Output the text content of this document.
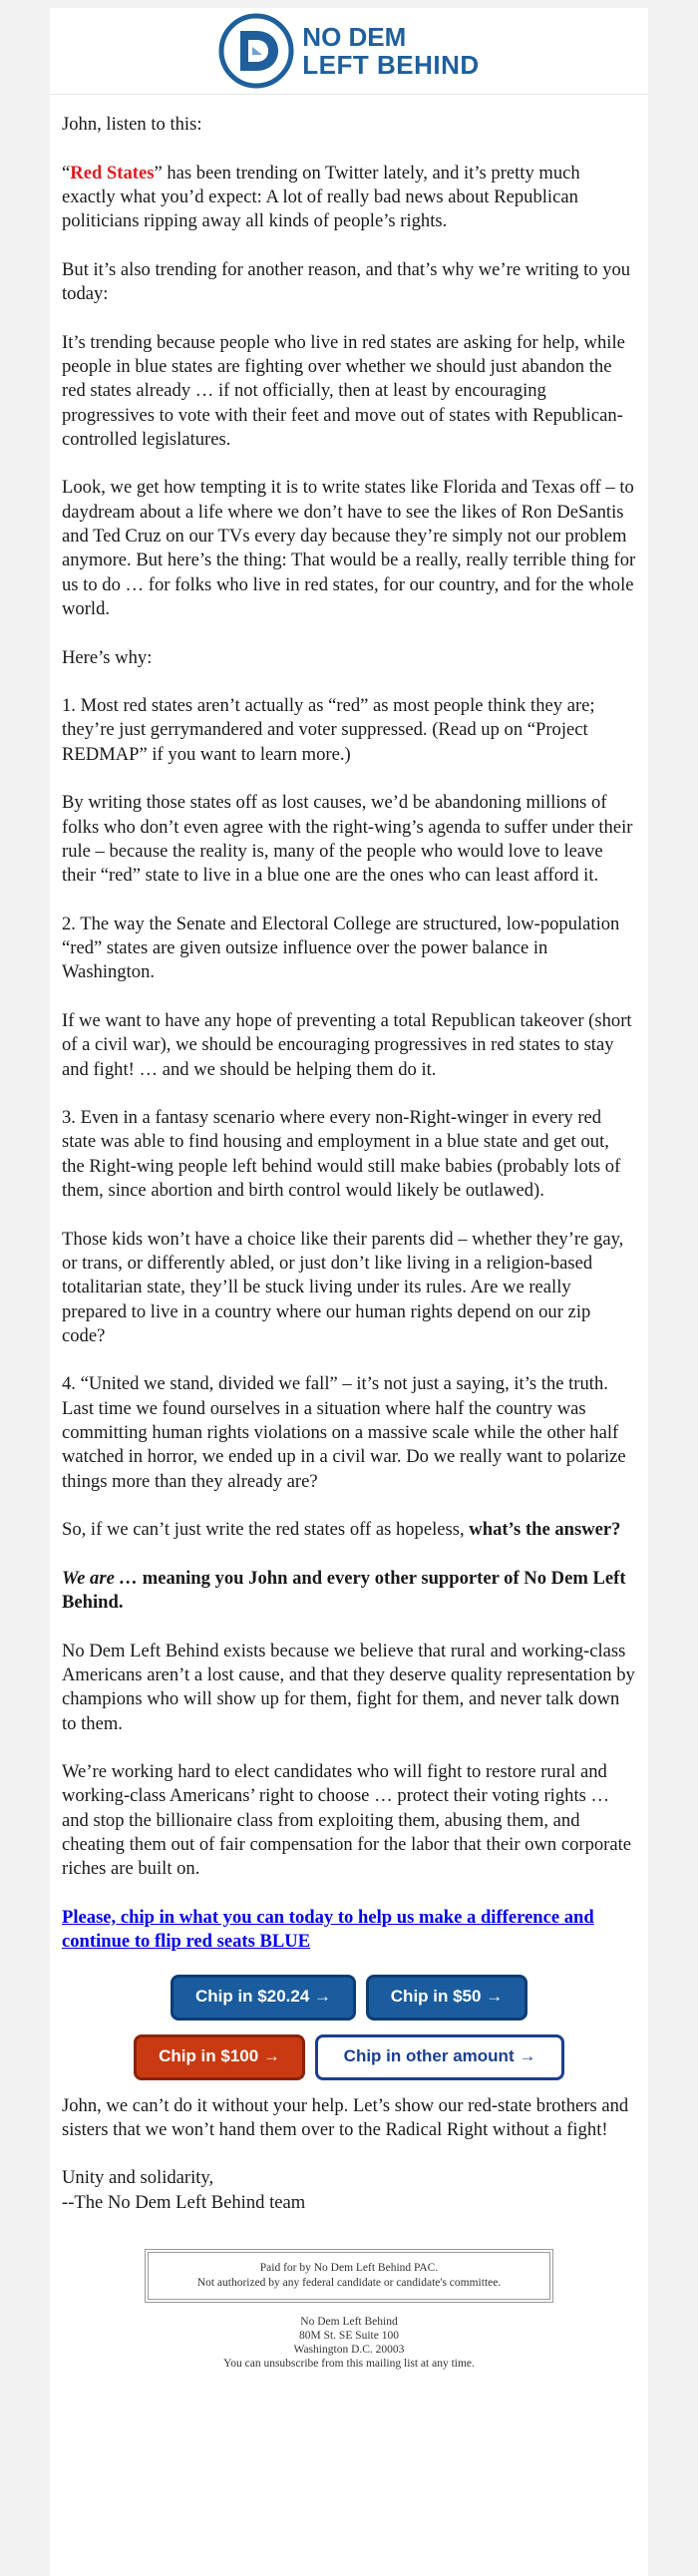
NO DEM
LEFT BEHIND

John, listen to this:

“Red States” has been trending on Twitter lately, and it’s pretty much exactly what you’d expect: A lot of really bad news about Republican politicians ripping away all kinds of people’s rights.

But it’s also trending for another reason, and that’s why we’re writing to you today:

It’s trending because people who live in red states are asking for help, while people in blue states are fighting over whether we should just abandon the red states already … if not officially, then at least by encouraging progressives to vote with their feet and move out of states with Republican-controlled legislatures.

Look, we get how tempting it is to write states like Florida and Texas off – to daydream about a life where we don’t have to see the likes of Ron DeSantis and Ted Cruz on our TVs every day because they’re simply not our problem anymore. But here’s the thing: That would be a really, really terrible thing for us to do … for folks who live in red states, for our country, and for the whole world.

Here’s why:

1. Most red states aren’t actually as “red” as most people think they are; they’re just gerrymandered and voter suppressed. (Read up on “Project REDMAP” if you want to learn more.)

By writing those states off as lost causes, we’d be abandoning millions of folks who don’t even agree with the right-wing’s agenda to suffer under their rule – because the reality is, many of the people who would love to leave their “red” state to live in a blue one are the ones who can least afford it.

2. The way the Senate and Electoral College are structured, low-population “red” states are given outsize influence over the power balance in Washington.

If we want to have any hope of preventing a total Republican takeover (short of a civil war), we should be encouraging progressives in red states to stay and fight! … and we should be helping them do it.

3. Even in a fantasy scenario where every non-Right-winger in every red state was able to find housing and employment in a blue state and get out, the Right-wing people left behind would still make babies (probably lots of them, since abortion and birth control would likely be outlawed).

Those kids won’t have a choice like their parents did – whether they’re gay, or trans, or differently abled, or just don’t like living in a religion-based totalitarian state, they’ll be stuck living under its rules. Are we really prepared to live in a country where our human rights depend on our zip code?

4. “United we stand, divided we fall” – it’s not just a saying, it’s the truth. Last time we found ourselves in a situation where half the country was committing human rights violations on a massive scale while the other half watched in horror, we ended up in a civil war. Do we really want to polarize things more than they already are?

So, if we can’t just write the red states off as hopeless, what’s the answer?

We are … meaning you John and every other supporter of No Dem Left Behind.

No Dem Left Behind exists because we believe that rural and working-class Americans aren’t a lost cause, and that they deserve quality representation by champions who will show up for them, fight for them, and never talk down to them.

We’re working hard to elect candidates who will fight to restore rural and working-class Americans’ right to choose … protect their voting rights … and stop the billionaire class from exploiting them, abusing them, and cheating them out of fair compensation for the labor that their own corporate riches are built on.

Please, chip in what you can today to help us make a difference and continue to flip red seats BLUE

Chip in $20.24 →	Chip in $50 →
Chip in $100 →	Chip in other amount →

John, we can’t do it without your help. Let’s show our red-state brothers and sisters that we won’t hand them over to the Radical Right without a fight!

Unity and solidarity,
--The No Dem Left Behind team

Paid for by No Dem Left Behind PAC.
Not authorized by any federal candidate or candidate's committee.
No Dem Left Behind
80M St. SE Suite 100
Washington D.C. 20003
You can unsubscribe from this mailing list at any time.
